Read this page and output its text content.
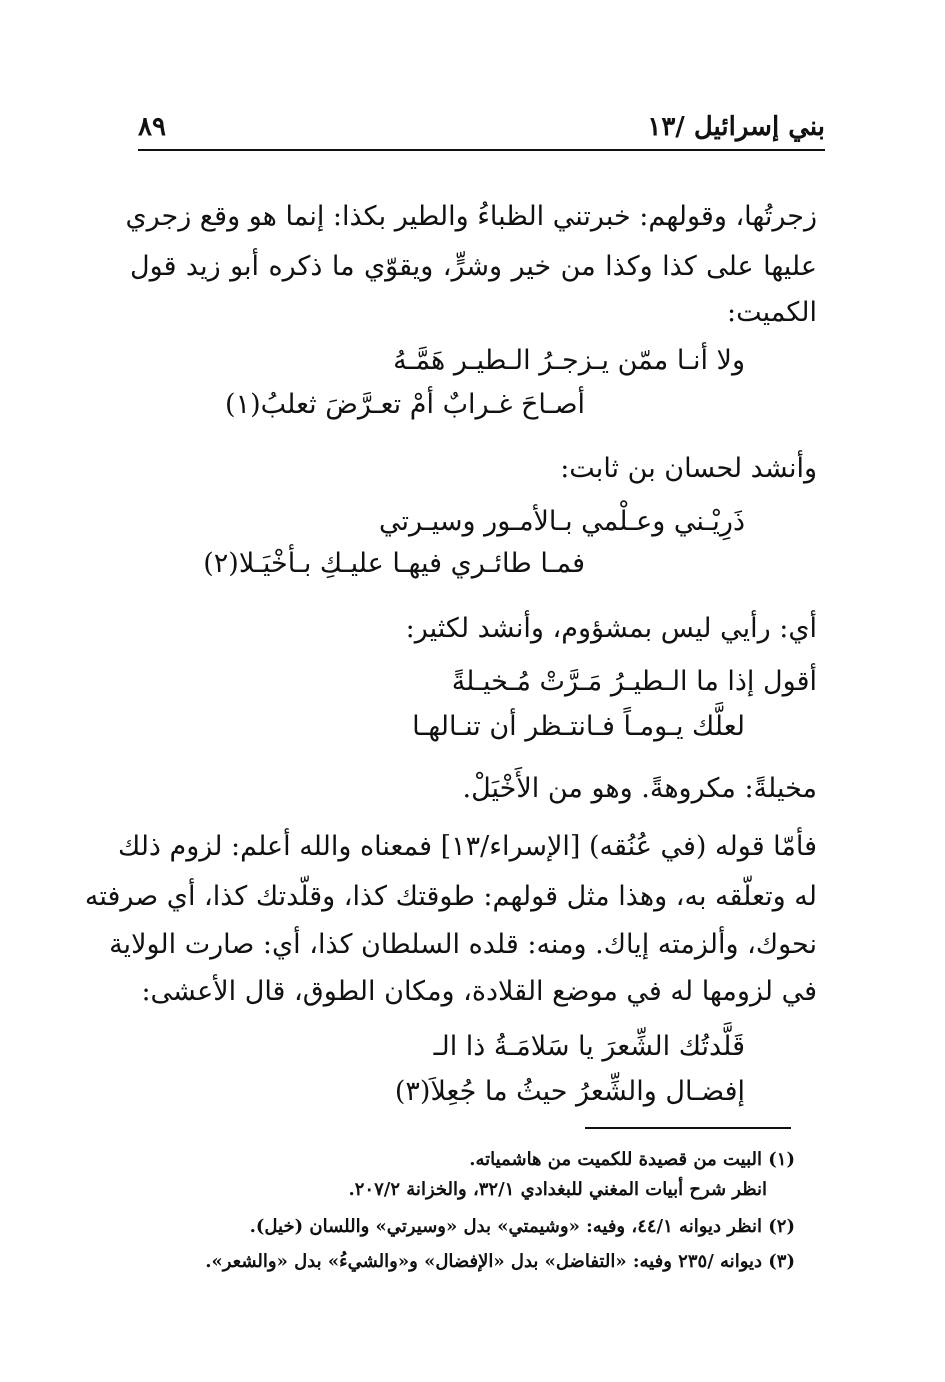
بني إسرائيل /١٣
٨٩
زجرتُها، وقولهم: خبرتني الظباءُ والطير بكذا: إنما هو وقع زجري
عليها على كذا وكذا من خير وشرٍّ، ويقوّي ما ذكره أبو زيد قول
الكميت:
ولا أنـا ممّن يـزجـرُ الـطيـر هَمَّـهُ
أصـاحَ غـرابٌ أمْ تعـرَّضَ ثعلبُ(١)
وأنشد لحسان بن ثابت:
ذَرِيْـني وعـلْمي بـالأمـور وسيـرتي
فمـا طائـري فيهـا عليـكِ بـأخْيَـلا(٢)
أي: رأيي ليس بمشؤوم، وأنشد لكثير:
أقول إذا ما الـطيـرُ مَـرَّتْ مُـخيـلةً
لعلَّك يـومـاً فـانتـظر أن تنـالهـا
مخيلةً: مكروهةً. وهو من الأَخْيَلْ.
فأمّا قوله (في عُنُقه) [الإسراء/١٣] فمعناه والله أعلم: لزوم ذلك
له وتعلّقه به، وهذا مثل قولهم: طوقتك كذا، وقلّدتك كذا، أي صرفته
نحوك، وألزمته إياك. ومنه: قلده السلطان كذا، أي: صارت الولاية
في لزومها له في موضع القلادة، ومكان الطوق، قال الأعشى:
قَلَّدتُك الشِّعرَ يا سَلامَـةُ ذا الـ
إفضـال والشِّعرُ حيثُ ما جُعِلاَ(٣)
(١) البيت من قصيدة للكميت من هاشمياته.
انظر شرح أبيات المغني للبغدادي ٣٢/١، والخزانة ٢٠٧/٢.
(٢) انظر ديوانه ٤٤/١، وفيه: «وشيمتي» بدل «وسيرتي» واللسان (خيل).
(٣) ديوانه /٢٣٥ وفيه: «التفاضل» بدل «الإفضال» و«والشيءُ» بدل «والشعر».
